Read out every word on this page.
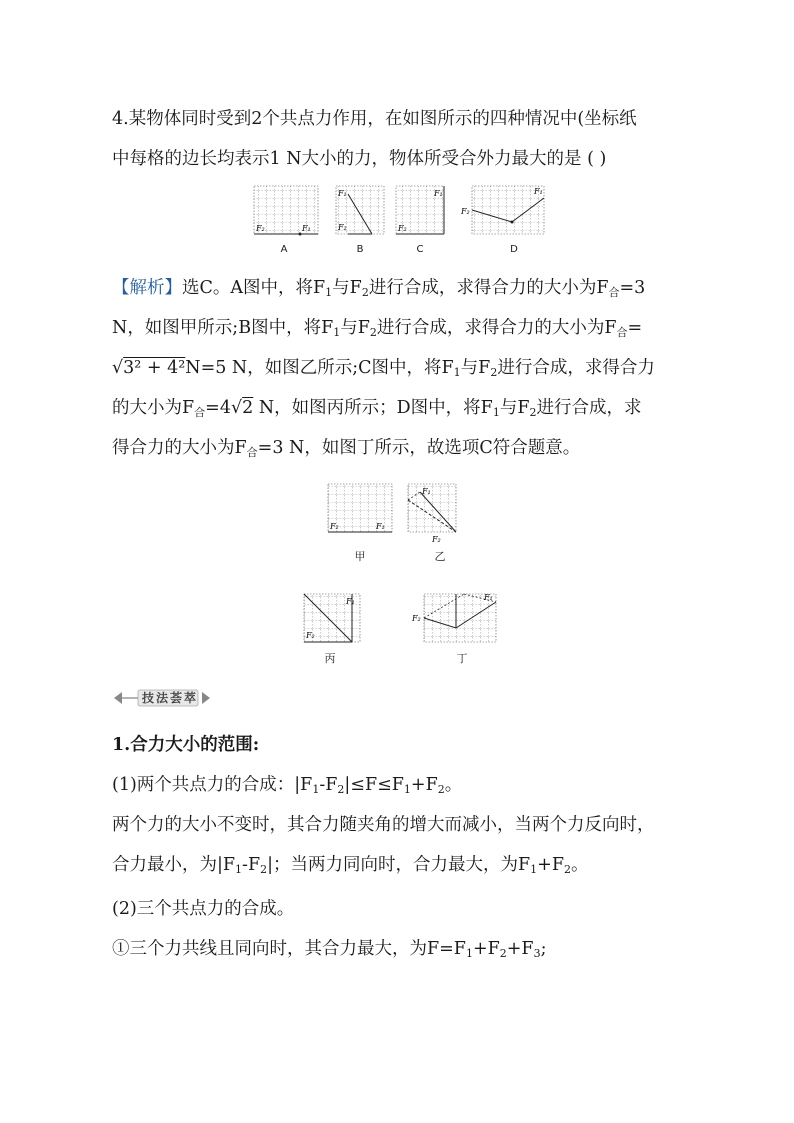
4.某物体同时受到2个共点力作用，在如图所示的四种情况中(坐标纸
中每格的边长均表示1 N大小的力，物体所受合外力最大的是 ( )
F₂	F₁
F₁
F₂
F₁
F₂
F₂
F₁
A	B	C	D
【解析】选C。A图中，将$F_1$与$F_2$进行合成，求得合力的大小为$F_合=3$
N，如图甲所示;B图中，将$F_1$与$F_2$进行合成，求得合力的大小为$F_合=$
√3² + 4²N=5 N，如图乙所示;C图中，将$F_1$与$F_2$进行合成，求得合力
的大小为$F_合=4√2$ N，如图丙所示；D图中，将$F_1$与$F_2$进行合成，求
得合力的大小为$F_合=3$ N，如图丁所示，故选项C符合题意。
F₂	F₁
F₁
F₂
甲	乙
F₁
F₂
F₂
F₁
丙	丁
技法荟萃
1.合力大小的范围:
(1)两个共点力的合成：$|F_1-F_2|\le F\le F_1+F_2$。
两个力的大小不变时，其合力随夹角的增大而减小，当两个力反向时，
合力最小，为$|F_1-F_2|$；当两力同向时，合力最大，为$F_1+F_2$。
(2)三个共点力的合成。
①三个力共线且同向时，其合力最大，为$F=F_1+F_2+F_3$;
